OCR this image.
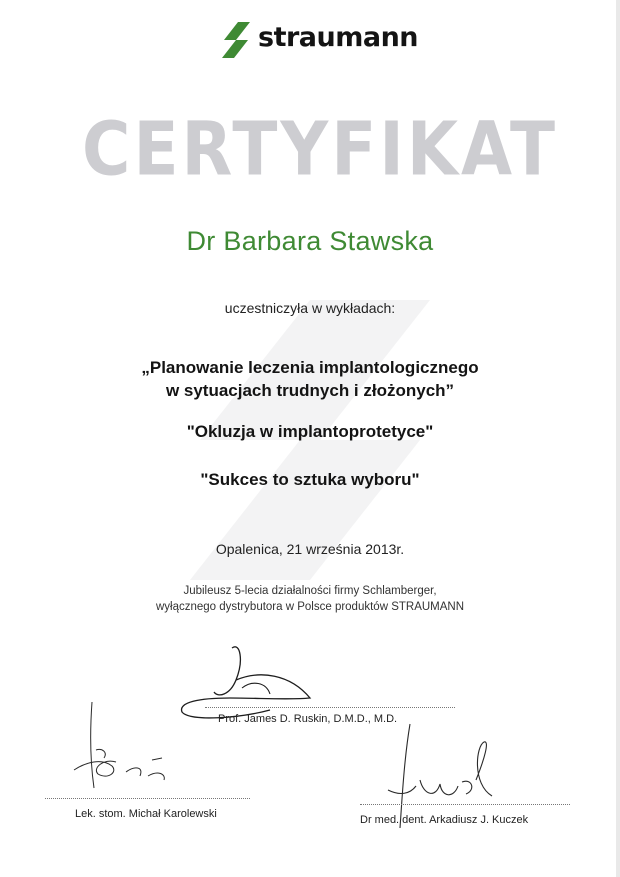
straumann
CERTYFIKAT
Dr Barbara Stawska
uczestniczyła w wykładach:
„Planowanie leczenia implantologicznego
w sytuacjach trudnych i złożonych”
"Okluzja w implantoprotetyce"
"Sukces to sztuka wyboru"
Opalenica, 21 września 2013r.
Jubileusz 5-lecia działalności firmy Schlamberger,
wyłącznego dystrybutora w Polsce produktów STRAUMANN
Prof. James D. Ruskin, D.M.D., M.D.
Lek. stom. Michał Karolewski	Dr med. dent. Arkadiusz J. Kuczek
